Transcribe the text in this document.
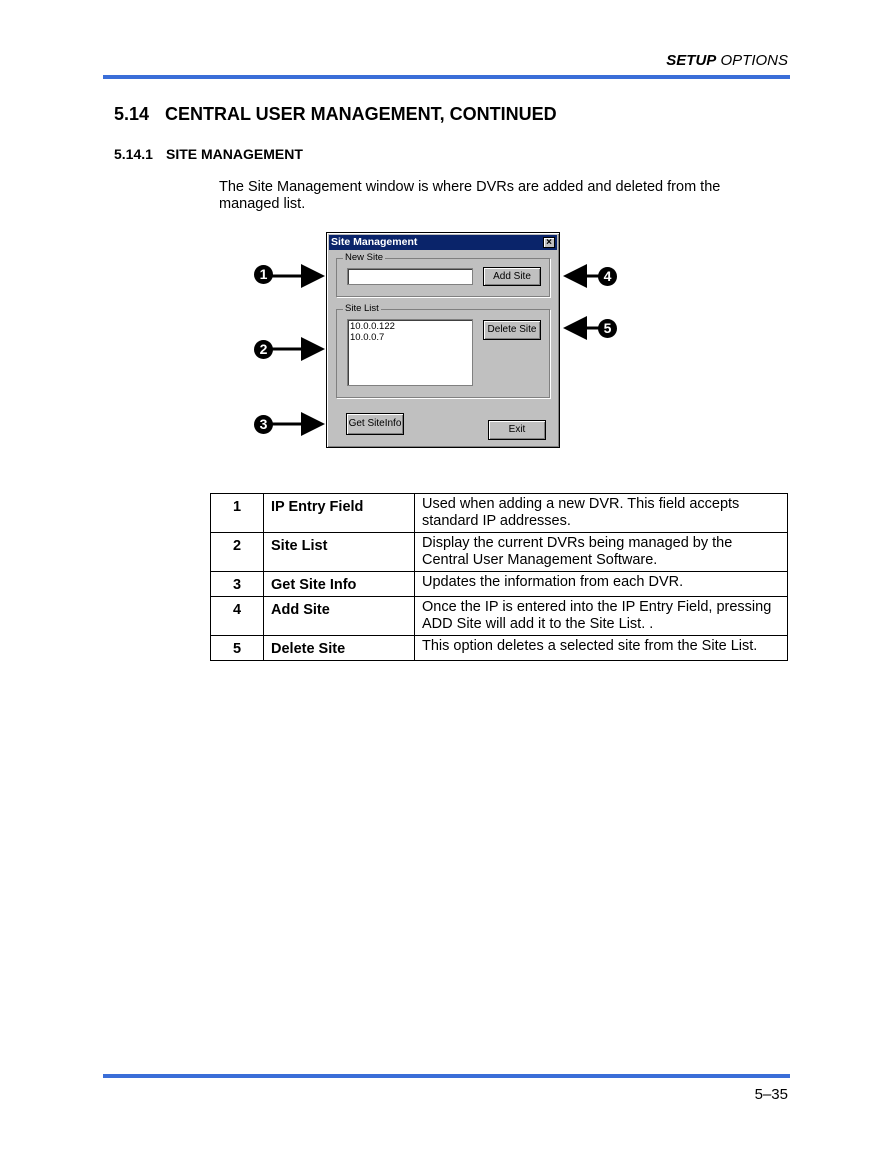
SETUP OPTIONS
5.14 CENTRAL USER MANAGEMENT, CONTINUED
5.14.1 SITE MANAGEMENT
The Site Management window is where DVRs are added and deleted from the managed list.
1
2
3
4
5
Site Management	×
New Site
Add Site
Site List
10.0.0.122
10.0.0.7
Delete Site
Get SiteInfo
Exit
1	IP Entry Field	Used when adding a new DVR. This field accepts standard IP addresses.
2	Site List	Display the current DVRs being managed by the Central User Management Software.
3	Get Site Info	Updates the information from each DVR.
4	Add Site	Once the IP is entered into the IP Entry Field, pressing ADD Site will add it to the Site List. .
5	Delete Site	This option deletes a selected site from the Site List.
5–35
